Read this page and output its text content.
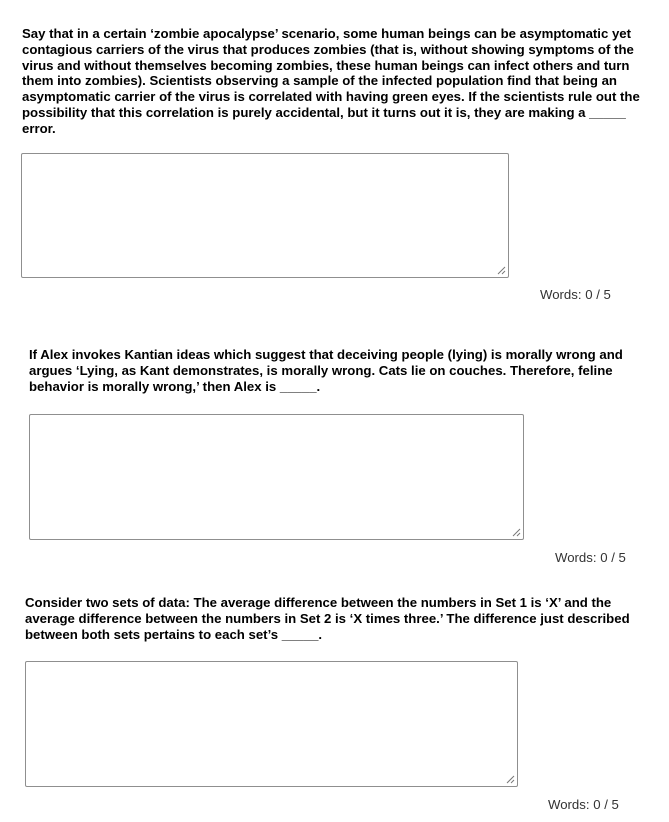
Say that in a certain ‘zombie apocalypse’ scenario, some human beings can be asymptomatic yet contagious carriers of the virus that produces zombies (that is, without showing symptoms of the virus and without themselves becoming zombies, these human beings can infect others and turn them into zombies). Scientists observing a sample of the infected population find that being an asymptomatic carrier of the virus is correlated with having green eyes. If the scientists rule out the possibility that this correlation is purely accidental, but it turns out it is, they are making a _____ error.

Words: 0 / 5

If Alex invokes Kantian ideas which suggest that deceiving people (lying) is morally wrong and argues ‘Lying, as Kant demonstrates, is morally wrong. Cats lie on couches. Therefore, feline behavior is morally wrong,’ then Alex is _____.

Words: 0 / 5

Consider two sets of data: The average difference between the numbers in Set 1 is ‘X’ and the average difference between the numbers in Set 2 is ‘X times three.’ The difference just described between both sets pertains to each set’s _____.

Words: 0 / 5
